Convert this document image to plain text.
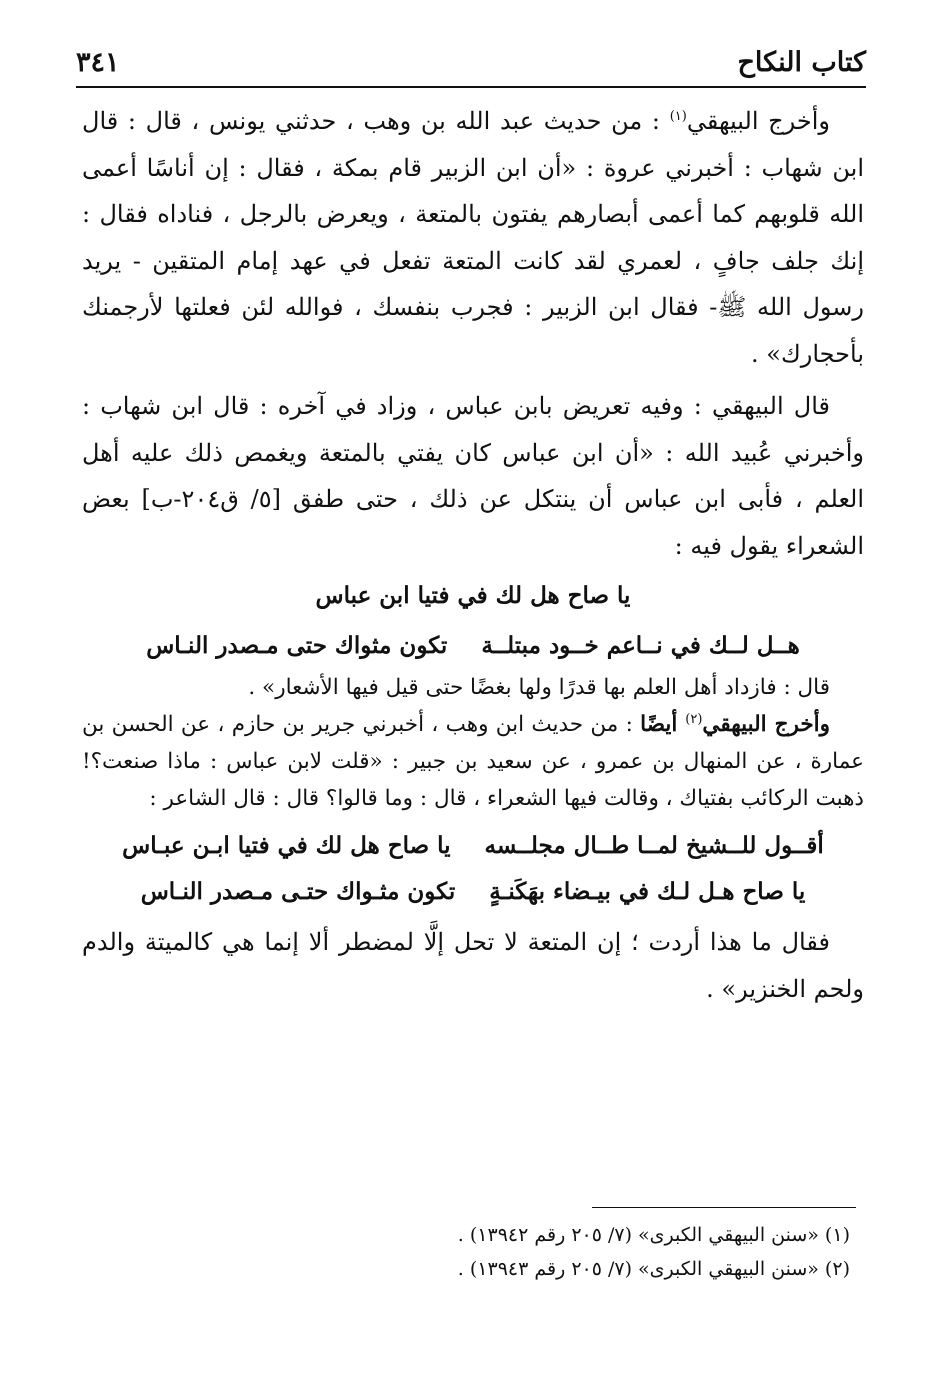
كتاب النكاح
٣٤١

وأخرج البيهقي$^{(١)}$ : من حديث عبد الله بن وهب ، حدثني يونس ، قال : قال ابن شهاب : أخبرني عروة : «أن ابن الزبير قام بمكة ، فقال : إن أناسًا أعمى الله قلوبهم كما أعمى أبصارهم يفتون بالمتعة ، ويعرض بالرجل ، فناداه فقال : إنك جلف جافٍ ، لعمري لقد كانت المتعة تفعل في عهد إمام المتقين - يريد رسول الله ﷺ- فقال ابن الزبير : فجرب بنفسك ، فوالله لئن فعلتها لأرجمنك بأحجارك» .

قال البيهقي : وفيه تعريض بابن عباس ، وزاد في آخره : قال ابن شهاب : وأخبرني عُبيد الله : «أن ابن عباس كان يفتي بالمتعة ويغمص ذلك عليه أهل العلم ، فأبى ابن عباس أن ينتكل عن ذلك ، حتى طفق [٥/ ق٢٠٤-ب] بعض الشعراء يقول فيه :

يا صاح هل لك في فتيا ابن عباس
هــل لــك في نــاعم خــود مبتلــة
تكون مثواك حتى مـصدر النـاس

قال : فازداد أهل العلم بها قدرًا ولها بغضًا حتى قيل فيها الأشعار» .

وأخرج البيهقي$^{(٢)}$ أيضًا : من حديث ابن وهب ، أخبرني جرير بن حازم ، عن الحسن بن عمارة ، عن المنهال بن عمرو ، عن سعيد بن جبير : «قلت لابن عباس : ماذا صنعت؟! ذهبت الركائب بفتياك ، وقالت فيها الشعراء ، قال : وما قالوا؟ قال : قال الشاعر :

أقــول للــشيخ لمــا طــال مجلــسه
يا صاح هل لك في فتيا ابـن عبـاس
يا صاح هـل لـك في بيـضاء بهَكَنـةٍ
تكون مثـواك حتـى مـصدر النـاس

فقال ما هذا أردت ؛ إن المتعة لا تحل إلَّا لمضطر ألا إنما هي كالميتة والدم ولحم الخنزير» .

(١) «سنن البيهقي الكبرى» (٧/ ٢٠٥ رقم ١٣٩٤٢) .

(٢) «سنن البيهقي الكبرى» (٧/ ٢٠٥ رقم ١٣٩٤٣) .
